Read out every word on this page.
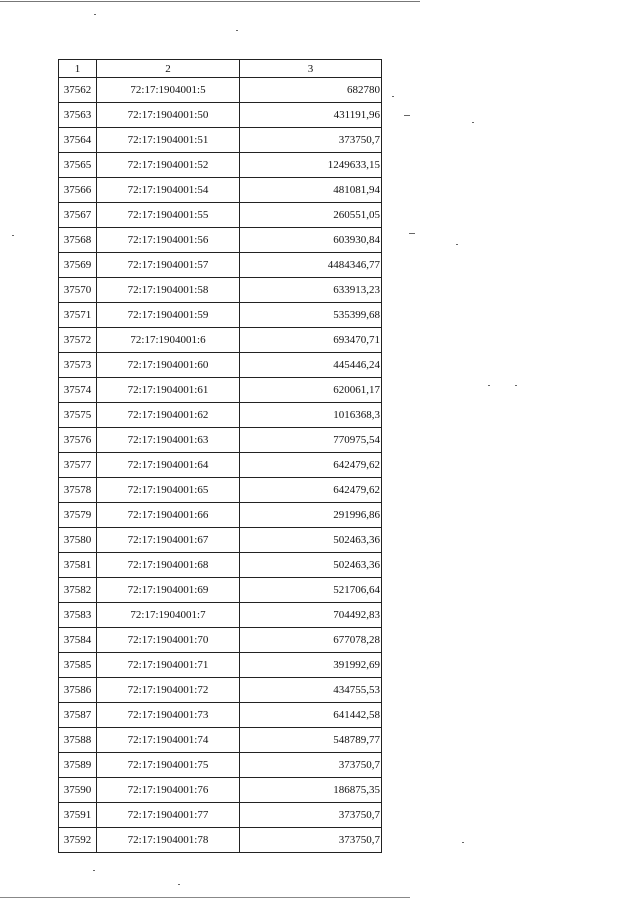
1	2	3
37562	72:17:1904001:5	682780
37563	72:17:1904001:50	431191,96
37564	72:17:1904001:51	373750,7
37565	72:17:1904001:52	1249633,15
37566	72:17:1904001:54	481081,94
37567	72:17:1904001:55	260551,05
37568	72:17:1904001:56	603930,84
37569	72:17:1904001:57	4484346,77
37570	72:17:1904001:58	633913,23
37571	72:17:1904001:59	535399,68
37572	72:17:1904001:6	693470,71
37573	72:17:1904001:60	445446,24
37574	72:17:1904001:61	620061,17
37575	72:17:1904001:62	1016368,3
37576	72:17:1904001:63	770975,54
37577	72:17:1904001:64	642479,62
37578	72:17:1904001:65	642479,62
37579	72:17:1904001:66	291996,86
37580	72:17:1904001:67	502463,36
37581	72:17:1904001:68	502463,36
37582	72:17:1904001:69	521706,64
37583	72:17:1904001:7	704492,83
37584	72:17:1904001:70	677078,28
37585	72:17:1904001:71	391992,69
37586	72:17:1904001:72	434755,53
37587	72:17:1904001:73	641442,58
37588	72:17:1904001:74	548789,77
37589	72:17:1904001:75	373750,7
37590	72:17:1904001:76	186875,35
37591	72:17:1904001:77	373750,7
37592	72:17:1904001:78	373750,7
